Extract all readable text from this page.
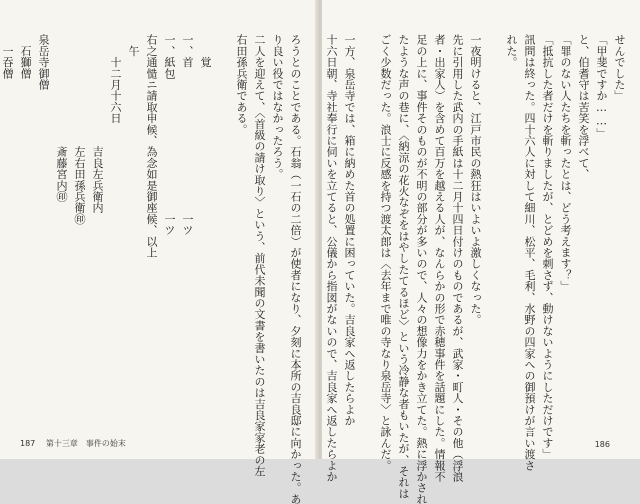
ろうとのことである。石翁（一石の二倍）が使者になり、夕刻に本所の吉良邸に向かった。あ
り良い役ではなかったろう。
二人を迎えて、〈首級の請け取り〉という、前代未聞の文書を書いたのは吉良家家老の左
右田孫兵衛である。

　　覚
一、首　　　　　　　　　　　　　一ツ
一、紙包　　　　　　　　　　　　一ツ
右之通慥ニ請取申候、為念如是御座候、以上
　午
　　十二月十六日
　　　　　　　　　　吉良左兵衛内
　　　　　　　　　　左右田孫兵衛㊞
　　　　　　　　　　斎藤宮内㊞
泉岳寺御僧
　石獅僧
　一吞僧

187 第十三章　事件の始末
せんでした」
「甲斐ですか……」
と、伯耆守は苦笑を浮べて、
「罪のない人たちを斬ったとは、どう考えます？」
「抵抗した者だけを斬りましたが、とどめを刺さず、動けないようにしただけです」
訊問は終った。四十六人に対して細川、松平、毛利、水野の四家への御預けが言い渡さ
れた。

一夜明けると、江戸市民の熱狂はいよいよ激しくなった。
先に引用した武内の手紙は十二月十四日付けのものであるが、武家・町人・その他（浮浪
者・出家人）を含めて百万を越える人が、なんらかの形で赤穂事件を話題にした。情報不
足の上に、事件そのものが不明の部分が多いので、人々の想像力をかき立てた。熱に浮かされ
たような声の巷に、〈納涼の花火なぞをはやしたてるほど〉という冷静な者もいたが、それは
ごく少数だった。浪士に反感を持つ渡太郎は〈去年まで唯の寺なり泉岳寺〉と詠んだ。

一方、泉岳寺では、箱に納めた首の処置に困っていた。吉良家へ返したらよか
十六日朝、寺社奉行に伺いを立てると、公儀から指図がないので、吉良家へ返したらよか	186
